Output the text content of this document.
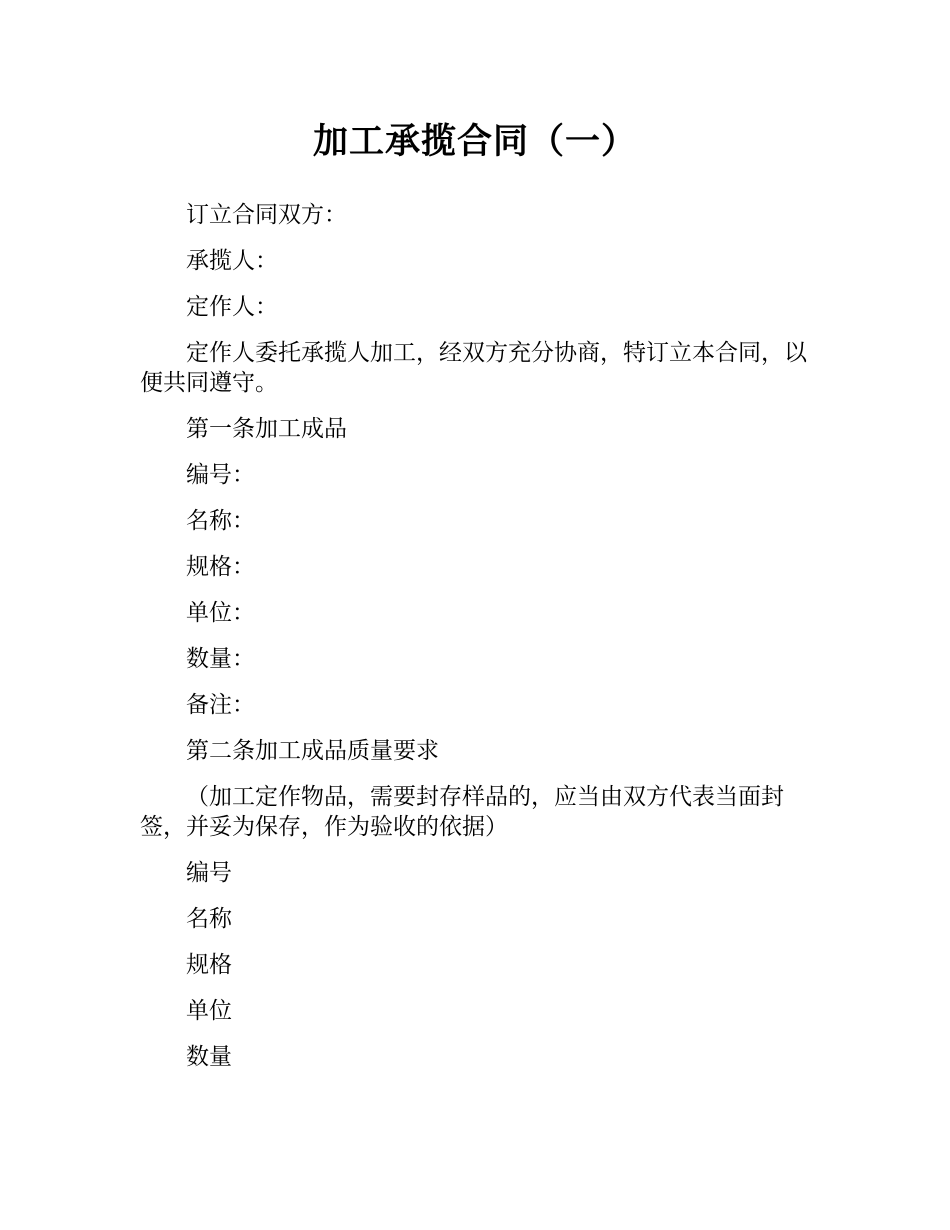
加工承揽合同（一）

订立合同双方：

承揽人：

定作人：

定作人委托承揽人加工，经双方充分协商，特订立本合同，以便共同遵守。

第一条加工成品

编号：

名称：

规格：

单位：

数量：

备注：

第二条加工成品质量要求

（加工定作物品，需要封存样品的，应当由双方代表当面封签，并妥为保存，作为验收的依据）

编号

名称

规格

单位

数量
